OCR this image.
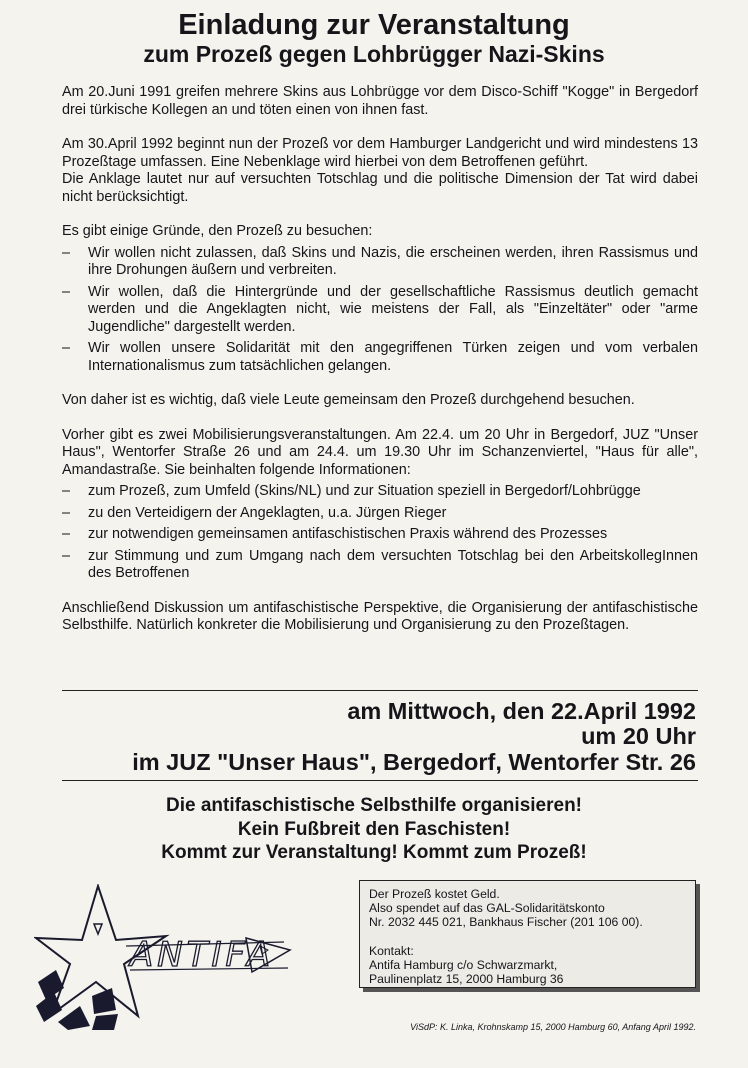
Einladung zur Veranstaltung
zum Prozeß gegen Lohbrügger Nazi-Skins

Am 20.Juni 1991 greifen mehrere Skins aus Lohbrügge vor dem Disco-Schiff "Kogge" in Bergedorf drei türkische Kollegen an und töten einen von ihnen fast.

Am 30.April 1992 beginnt nun der Prozeß vor dem Hamburger Landgericht und wird mindestens 13 Prozeßtage umfassen. Eine Nebenklage wird hierbei von dem Betroffenen geführt.

Die Anklage lautet nur auf versuchten Totschlag und die politische Dimension der Tat wird dabei nicht berücksichtigt.

Es gibt einige Gründe, den Prozeß zu besuchen:

– Wir wollen nicht zulassen, daß Skins und Nazis, die erscheinen werden, ihren Rassismus und ihre Drohungen äußern und verbreiten.
– Wir wollen, daß die Hintergründe und der gesellschaftliche Rassismus deutlich gemacht werden und die Angeklagten nicht, wie meistens der Fall, als "Einzeltäter" oder "arme Jugendliche" dargestellt werden.
– Wir wollen unsere Solidarität mit den angegriffenen Türken zeigen und vom verbalen Internationalismus zum tatsächlichen gelangen.

Von daher ist es wichtig, daß viele Leute gemeinsam den Prozeß durchgehend besuchen.

Vorher gibt es zwei Mobilisierungsveranstaltungen. Am 22.4. um 20 Uhr in Bergedorf, JUZ "Unser Haus", Wentorfer Straße 26 und am 24.4. um 19.30 Uhr im Schanzenviertel, "Haus für alle", Amandastraße. Sie beinhalten folgende Informationen:

– zum Prozeß, zum Umfeld (Skins/NL) und zur Situation speziell in Bergedorf/Lohbrügge
– zu den Verteidigern der Angeklagten, u.a. Jürgen Rieger
– zur notwendigen gemeinsamen antifaschistischen Praxis während des Prozesses
– zur Stimmung und zum Umgang nach dem versuchten Totschlag bei den ArbeitskollegInnen des Betroffenen

Anschließend Diskussion um antifaschistische Perspektive, die Organisierung der antifaschistische Selbsthilfe. Natürlich konkreter die Mobilisierung und Organisierung zu den Prozeßtagen.

am Mittwoch, den 22.April 1992
um 20 Uhr
im JUZ "Unser Haus", Bergedorf, Wentorfer Str. 26
Die antifaschistische Selbsthilfe organisieren!
Kein Fußbreit den Faschisten!
Kommt zur Veranstaltung! Kommt zum Prozeß!
ANTIFA

Der Prozeß kostet Geld.

Also spendet auf das GAL-Solidaritätskonto

Nr. 2032 445 021, Bankhaus Fischer (201 106 00).

Kontakt:

Antifa Hamburg c/o Schwarzmarkt,

Paulinenplatz 15, 2000 Hamburg 36

ViSdP: K. Linka, Krohnskamp 15, 2000 Hamburg 60, Anfang April 1992.
